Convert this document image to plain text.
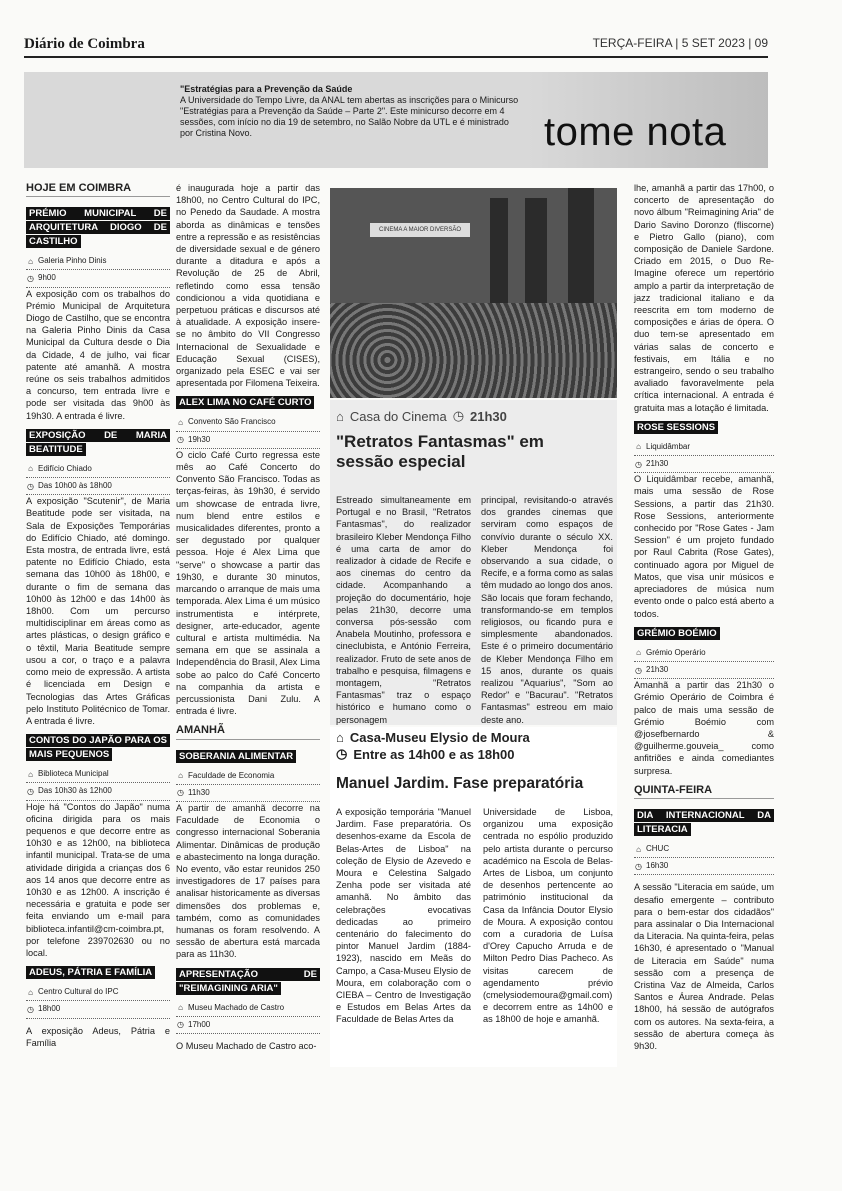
Diário de Coimbra	TERÇA-FEIRA | 5 SET 2023 | 09
"Estratégias para a Prevenção da Saúde
A Universidade do Tempo Livre, da ANAL tem abertas as inscrições para o Minicurso "Estratégias para a Prevenção da Saúde – Parte 2". Este minicurso decorre em 4 sessões, com início no dia 19 de setembro, no Salão Nobre da UTL e é ministrado por Cristina Novo.	tome nota
HOJE EM COIMBRA
PRÉMIO MUNICIPAL DE ARQUITETURA DIOGO DE CASTILHO
⌂ Galeria Pinho Dinis
◷ 9h00

A exposição com os trabalhos do Prémio Municipal de Arquitetura Diogo de Castilho, que se encontra na Galeria Pinho Dinis da Casa Municipal da Cultura desde o Dia da Cidade, 4 de julho, vai ficar patente até amanhã. A mostra reúne os seis trabalhos admitidos a concurso, tem entrada livre e pode ser visitada das 9h00 às 19h30. A entrada é livre.

EXPOSIÇÃO DE MARIA BEATITUDE
⌂ Edifício Chiado
◷ Das 10h00 às 18h00

A exposição "Scutenir", de Maria Beatitude pode ser visitada, na Sala de Exposições Temporárias do Edifício Chiado, até domingo. Esta mostra, de entrada livre, está patente no Edifício Chiado, esta semana das 10h00 às 18h00, e durante o fim de semana das 10h00 às 12h00 e das 14h00 às 18h00. Com um percurso multidisciplinar em áreas como as artes plásticas, o design gráfico e o têxtil, Maria Beatitude sempre usou a cor, o traço e a palavra como meio de expressão. A artista é licenciada em Design e Tecnologias das Artes Gráficas pelo Instituto Politécnico de Tomar. A entrada é livre.

CONTOS DO JAPÃO PARA OS MAIS PEQUENOS
⌂ Biblioteca Municipal
◷ Das 10h30 às 12h00

Hoje há "Contos do Japão" numa oficina dirigida para os mais pequenos e que decorre entre as 10h30 e as 12h00, na biblioteca infantil municipal. Trata-se de uma atividade dirigida a crianças dos 6 aos 14 anos que decorre entre as 10h30 e as 12h00. A inscrição é necessária e gratuita e pode ser feita enviando um e-mail para biblioteca.infantil@cm-coimbra.pt, por telefone 239702630 ou no local.

ADEUS, PÁTRIA E FAMÍLIA
⌂ Centro Cultural do IPC
◷ 18h00

A exposição Adeus, Pátria e Família

é inaugurada hoje a partir das 18h00, no Centro Cultural do IPC, no Penedo da Saudade. A mostra aborda as dinâmicas e tensões entre a repressão e as resistências de diversidade sexual e de género durante a ditadura e após a Revolução de 25 de Abril, refletindo como essa tensão condicionou a vida quotidiana e perpetuou práticas e discursos até à atualidade. A exposição insere-se no âmbito do VII Congresso Internacional de Sexualidade e Educação Sexual (CISES), organizado pela ESEC e vai ser apresentada por Filomena Teixeira.

ALEX LIMA NO CAFÉ CURTO
⌂ Convento São Francisco
◷ 19h30

O ciclo Café Curto regressa este mês ao Café Concerto do Convento São Francisco. Todas as terças-feiras, às 19h30, é servido um showcase de entrada livre, num blend entre estilos e musicalidades diferentes, pronto a ser degustado por qualquer pessoa. Hoje é Alex Lima que "serve" o showcase a partir das 19h30, e durante 30 minutos, marcando o arranque de mais uma temporada. Alex Lima é um músico instrumentista e intérprete, designer, arte-educador, agente cultural e artista multimédia. Na semana em que se assinala a Independência do Brasil, Alex Lima sobe ao palco do Café Concerto na companhia da artista e percussionista Dani Zulu. A entrada é livre.

AMANHÃ
SOBERANIA ALIMENTAR
⌂ Faculdade de Economia
◷ 11h30

A partir de amanhã decorre na Faculdade de Economia o congresso internacional Soberania Alimentar. Dinâmicas de produção e abastecimento na longa duração. No evento, vão estar reunidos 250 investigadores de 17 países para analisar historicamente as diversas dimensões dos problemas e, também, como as comunidades humanas os foram resolvendo. A sessão de abertura está marcada para as 11h30.

APRESENTAÇÃO DE "REIMAGINING ARIA"
⌂ Museu Machado de Castro
◷ 17h00

O Museu Machado de Castro aco-

CINEMA A MAIOR DIVERSÃO
⌂ Casa do Cinema ◷ 21h30
"Retratos Fantasmas" em sessão especial
Estreado simultaneamente em Portugal e no Brasil, "Retratos Fantasmas", do realizador brasileiro Kleber Mendonça Filho é uma carta de amor do realizador à cidade de Recife e aos cinemas do centro da cidade. Acompanhando a projeção do documentário, hoje pelas 21h30, decorre uma conversa pós-sessão com Anabela Moutinho, professora e cineclubista, e António Ferreira, realizador. Fruto de sete anos de trabalho e pesquisa, filmagens e montagem, "Retratos Fantasmas" traz o espaço histórico e humano como o personagem
principal, revisitando-o através dos grandes cinemas que serviram como espaços de convívio durante o século XX. Kleber Mendonça foi observando a sua cidade, o Recife, e a forma como as salas têm mudado ao longo dos anos. São locais que foram fechando, transformando-se em templos religiosos, ou ficando pura e simplesmente abandonados. Este é o primeiro documentário de Kleber Mendonça Filho em 15 anos, durante os quais realizou "Aquarius", "Som ao Redor" e "Bacurau". "Retratos Fantasmas" estreou em maio deste ano.
⌂ Casa-Museu Elysio de Moura
◷ Entre as 14h00 e as 18h00
Manuel Jardim. Fase preparatória
A exposição temporária "Manuel Jardim. Fase preparatória. Os desenhos-exame da Escola de Belas-Artes de Lisboa" na coleção de Elysio de Azevedo e Moura e Celestina Salgado Zenha pode ser visitada até amanhã. No âmbito das celebrações evocativas dedicadas ao primeiro centenário do falecimento do pintor Manuel Jardim (1884-1923), nascido em Meãs do Campo, a Casa-Museu Elysio de Moura, em colaboração com o CIEBA – Centro de Investigação e Estudos em Belas Artes da Faculdade de Belas Artes da
Universidade de Lisboa, organizou uma exposição centrada no espólio produzido pelo artista durante o percurso académico na Escola de Belas-Artes de Lisboa, um conjunto de desenhos pertencente ao património institucional da Casa da Infância Doutor Elysio de Moura. A exposição contou com a curadoria de Luísa d'Orey Capucho Arruda e de Milton Pedro Dias Pacheco. As visitas carecem de agendamento prévio (cmelysiodemoura@gmail.com) e decorrem entre as 14h00 e as 18h00 de hoje e amanhã.

lhe, amanhã a partir das 17h00, o concerto de apresentação do novo álbum "Reimagining Aria" de Dario Savino Doronzo (fliscorne) e Pietro Gallo (piano), com composição de Daniele Sardone. Criado em 2015, o Duo Re-Imagine oferece um repertório amplo a partir da interpretação de jazz tradicional italiano e da reescrita em tom moderno de composições e árias de ópera. O duo tem-se apresentado em várias salas de concerto e festivais, em Itália e no estrangeiro, sendo o seu trabalho avaliado favoravelmente pela crítica internacional. A entrada é gratuita mas a lotação é limitada.

ROSE SESSIONS
⌂ Liquidâmbar
◷ 21h30

O Liquidâmbar recebe, amanhã, mais uma sessão de Rose Sessions, a partir das 21h30. Rose Sessions, anteriormente conhecido por "Rose Gates - Jam Session" é um projeto fundado por Raul Cabrita (Rose Gates), continuado agora por Miguel de Matos, que visa unir músicos e apreciadores de música num evento onde o palco está aberto a todos.

GRÉMIO BOÉMIO
⌂ Grémio Operário
◷ 21h30

Amanhã a partir das 21h30 o Grémio Operário de Coimbra é palco de mais uma sessão de Grémio Boémio com @josefbernardo & @guilherme.gouveia_ como anfitriões e ainda comediantes surpresa.

QUINTA-FEIRA
DIA INTERNACIONAL DA LITERACIA
⌂ CHUC
◷ 16h30

A sessão "Literacia em saúde, um desafio emergente – contributo para o bem-estar dos cidadãos" para assinalar o Dia Internacional da Literacia. Na quinta-feira, pelas 16h30, é apresentado o "Manual de Literacia em Saúde" numa sessão com a presença de Cristina Vaz de Almeida, Carlos Santos e Áurea Andrade. Pelas 18h00, há sessão de autógrafos com os autores. Na sexta-feira, a sessão de abertura começa às 9h30.
